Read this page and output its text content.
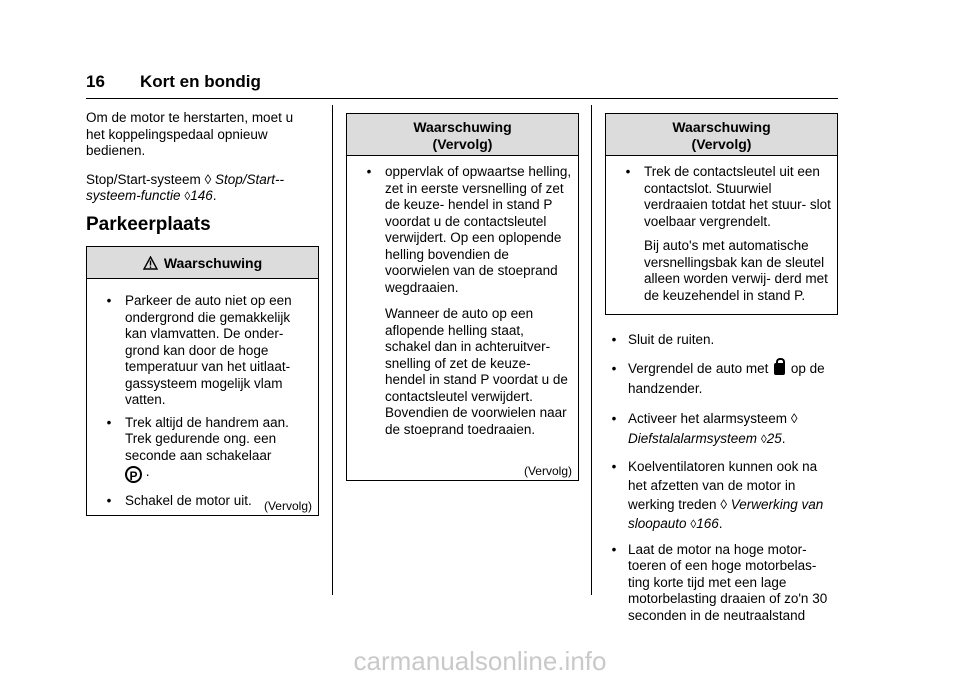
16 Kort en bondig

Om de motor te herstarten, moet u het koppelingspedaal opnieuw bedienen.

Stop/Start-systeem ◊ Stop/Start-- systeem-functie ◊146.

Parkeerplaats
Waarschuwing
•	Parkeer de auto niet op een ondergrond die gemakkelijk kan vlamvatten. De onder- grond kan door de hoge temperatuur van het uitlaat- gassysteem mogelijk vlam vatten.
•	Trek altijd de handrem aan. Trek gedurende ong. een seconde aan schakelaar
P .
•	Schakel de motor uit.	(Vervolg)
Waarschuwing
(Vervolg)
•	oppervlak of opwaartse helling, zet in eerste versnelling of zet de keuze- hendel in stand P voordat u de contactsleutel verwijdert. Op een oplopende helling bovendien de voorwielen van de stoeprand wegdraaien.

Wanneer de auto op een aflopende helling staat, schakel dan in achteruitver- snelling of zet de keuze- hendel in stand P voordat u de contactsleutel verwijdert. Bovendien de voorwielen naar de stoeprand toedraaien.

(Vervolg)
Waarschuwing
(Vervolg)
•	Trek de contactsleutel uit een contactslot. Stuurwiel verdraaien totdat het stuur- slot voelbaar vergrendelt.

Bij auto's met automatische versnellingsbak kan de sleutel alleen worden verwij- derd met de keuzehendel in stand P.

• Sluit de ruiten.
• Vergrendel de auto met op de handzender.
• Activeer het alarmsysteem ◊
Diefstalalarmsysteem ◊25.
• Koelventilatoren kunnen ook na het afzetten van de motor in werking treden ◊ Verwerking van sloopauto ◊166.
• Laat de motor na hoge motor- toeren of een hoge motorbelas- ting korte tijd met een lage motorbelasting draaien of zo'n 30 seconden in de neutraalstand
carmanualsonline.info
